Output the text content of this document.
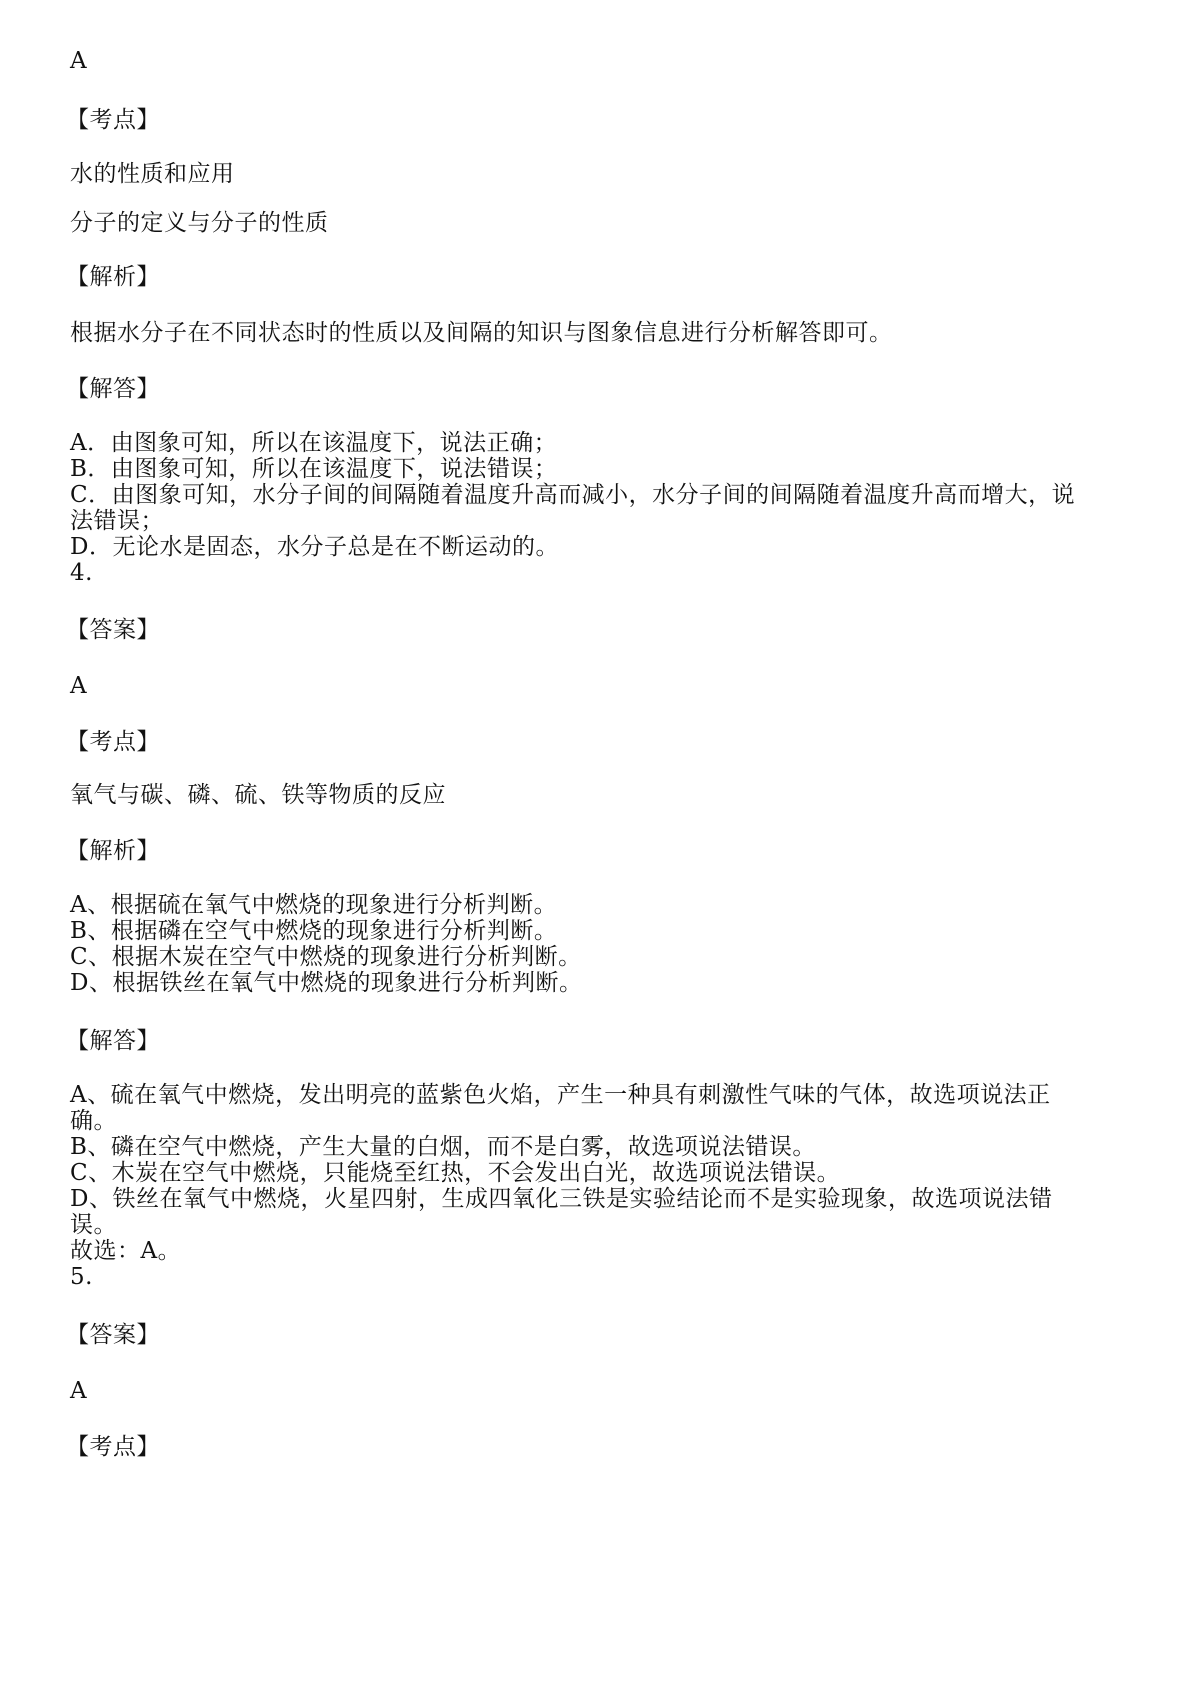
A
【考点】
水的性质和应用
分子的定义与分子的性质
【解析】
根据水分子在不同状态时的性质以及间隔的知识与图象信息进行分析解答即可。
【解答】
A．由图象可知，所以在该温度下，说法正确；
B．由图象可知，所以在该温度下，说法错误；
C．由图象可知，水分子间的间隔随着温度升高而减小，水分子间的间隔随着温度升高而增大，说
法错误；
D．无论水是固态，水分子总是在不断运动的。
4.
【答案】
A
【考点】
氧气与碳、磷、硫、铁等物质的反应
【解析】
A、根据硫在氧气中燃烧的现象进行分析判断。
B、根据磷在空气中燃烧的现象进行分析判断。
C、根据木炭在空气中燃烧的现象进行分析判断。
D、根据铁丝在氧气中燃烧的现象进行分析判断。
【解答】
A、硫在氧气中燃烧，发出明亮的蓝紫色火焰，产生一种具有刺激性气味的气体，故选项说法正
确。
B、磷在空气中燃烧，产生大量的白烟，而不是白雾，故选项说法错误。
C、木炭在空气中燃烧，只能烧至红热，不会发出白光，故选项说法错误。
D、铁丝在氧气中燃烧，火星四射，生成四氧化三铁是实验结论而不是实验现象，故选项说法错
误。
故选：A。
5.
【答案】
A
【考点】
